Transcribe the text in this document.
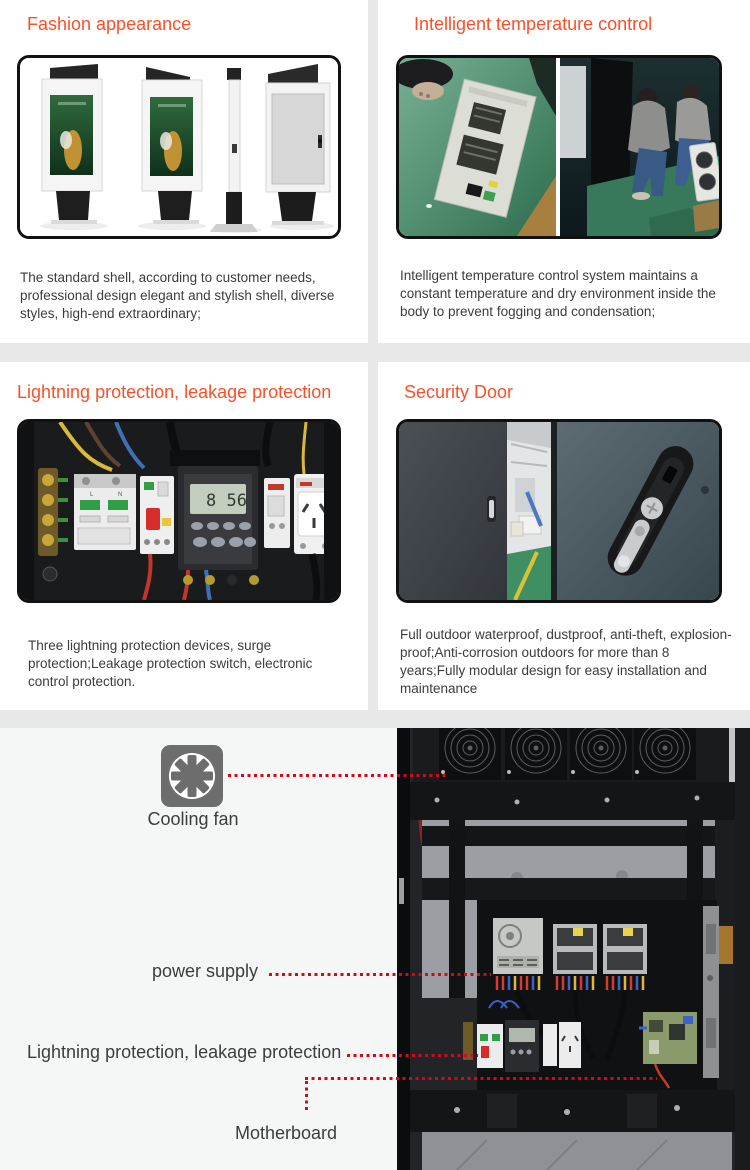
Fashion appearance

The standard shell, according to customer needs, professional design elegant and stylish shell, diverse styles, high-end extraordinary;

Intelligent temperature control

Intelligent temperature control system maintains a constant temperature and dry environment inside the body to prevent fogging and condensation;

Lightning protection, leakage protection
L	N	8 56

Three lightning protection devices, surge protection;Leakage protection switch, electronic control protection.

Security Door

Full outdoor waterproof, dustproof, anti-theft, explosion-proof;Anti-corrosion outdoors for more than 8 years;Fully modular design for easy installation and maintenance

Cooling fan
power supply
Lightning protection, leakage protection
Motherboard
